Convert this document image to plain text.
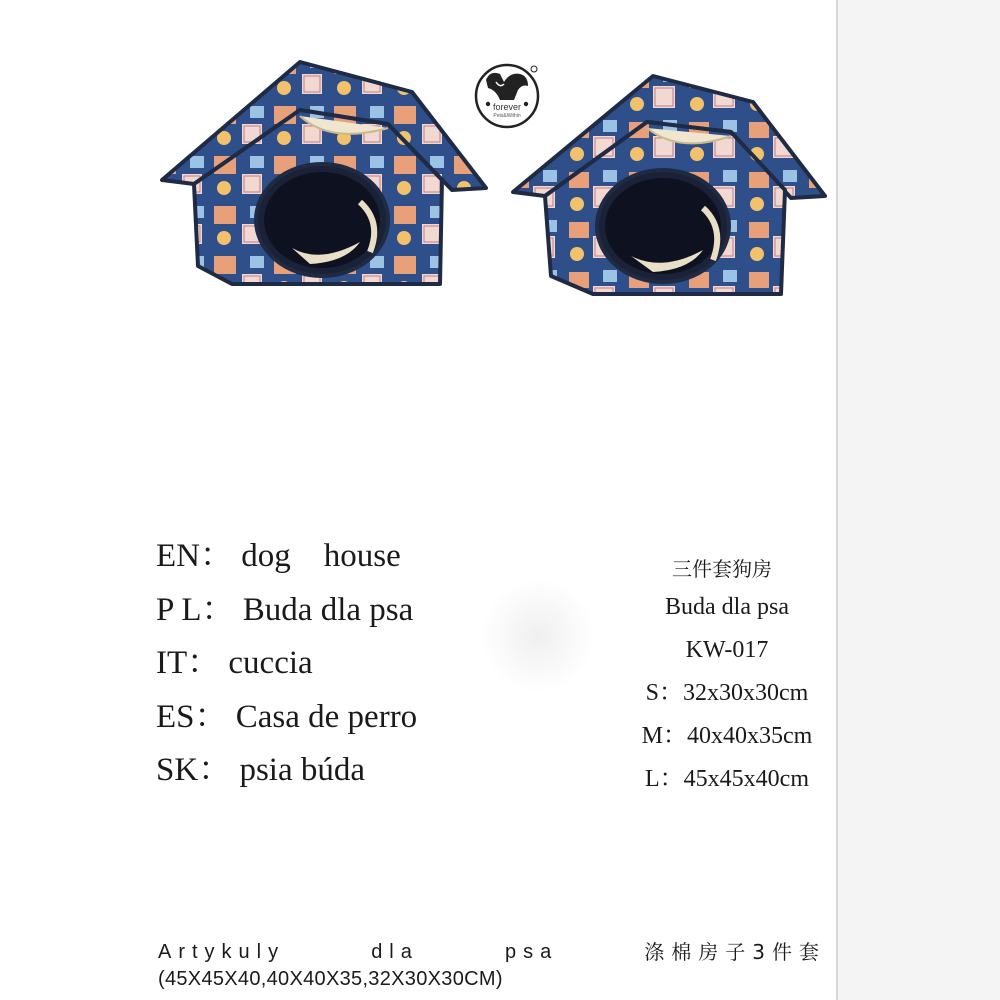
forever
Pets&Within
EN： dog    house
P L： Buda dla psa
IT： cuccia
ES： Casa de perro
SK： psia búda
三件套狗房
Buda dla psa
KW-017
S：32x30x30cm
M：40x40x35cm
L：45x45x40cm
Artykuly	dla	psa	涤棉房子3件套
(45X45X40,40X40X35,32X30X30CM)
